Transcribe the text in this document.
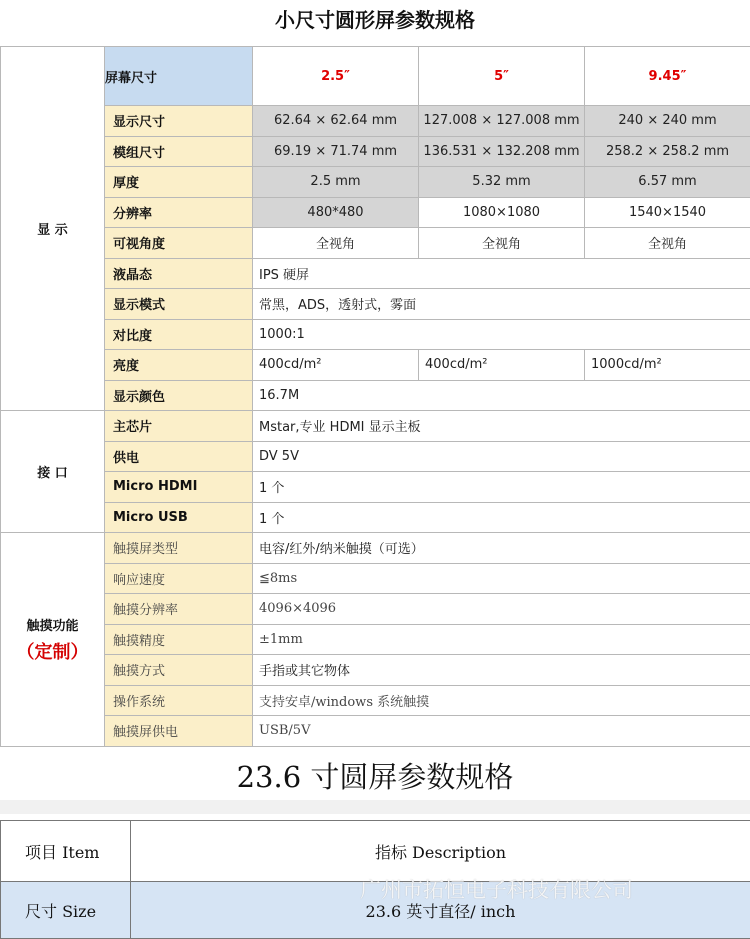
小尺寸圆形屏参数规格
显 示	屏幕尺寸	2.5″	5″	9.45″
	显示尺寸	62.64 × 62.64 mm	127.008 × 127.008 mm	240 × 240 mm
	模组尺寸	69.19 × 71.74 mm	136.531 × 132.208 mm	258.2 × 258.2 mm
	厚度	2.5 mm	5.32 mm	6.57 mm
	分辨率	480*480	1080×1080	1540×1540
	可视角度	全视角	全视角	全视角
	液晶态	IPS 硬屏		
	显示模式	常黑，ADS，透射式，雾面		
	对比度	1000:1		
	亮度	400cd/m²	400cd/m²	1000cd/m²
	显示颜色	16.7M		
接 口	主芯片	Mstar,专业 HDMI 显示主板		
	供电	DV 5V		
	Micro HDMI	1 个		
	Micro USB	1 个		
触摸功能
（定制）	触摸屏类型	电容/红外/纳米触摸（可选）		
	响应速度	≦8ms		
	触摸分辨率	4096×4096		
	触摸精度	±1mm		
	触摸方式	手指或其它物体		
	操作系统	支持安卓/windows 系统触摸		
	触摸屏供电	USB/5V		
23.6 寸圆屏参数规格
项目 Item	指标 Description
尺寸 Size	23.6 英寸直径/ inch
广州市拓恒电子科技有限公司
